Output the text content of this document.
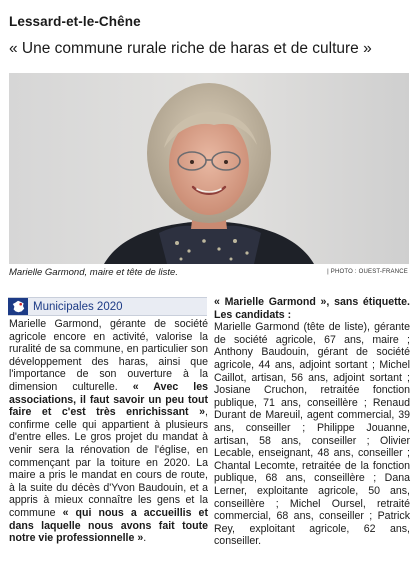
Lessard-et-le-Chêne
« Une commune rurale riche de haras et de culture »
Marielle Garmond, maire et tête de liste.	| PHOTO : OUEST-FRANCE
Municipales 2020

Marielle Garmond, gérante de société agricole encore en activité, valorise la ruralité de sa commune, en particulier son développement des haras, ainsi que l'importance de son ouverture à la dimension culturelle. « Avec les associations, il faut savoir un peu tout faire et c'est très enrichissant », confirme celle qui appartient à plusieurs d'entre elles. Le gros projet du mandat à venir sera la rénovation de l'église, en commençant par la toiture en 2020. La maire a pris le mandat en cours de route, à la suite du décès d'Yvon Baudouin, et a appris à mieux connaître les gens et la commune « qui nous a accueillis et dans laquelle nous avons fait toute notre vie professionnelle ».

« Marielle Garmond », sans étiquette. Les candidats :

Marielle Garmond (tête de liste), gérante de société agricole, 67 ans, maire ; Anthony Baudouin, gérant de société agricole, 44 ans, adjoint sortant ; Michel Caillot, artisan, 56 ans, adjoint sortant ; Josiane Cruchon, retraitée fonction publique, 71 ans, conseillère ; Renaud Durant de Mareuil, agent commercial, 39 ans, conseiller ; Philippe Jouanne, artisan, 58 ans, conseiller ; Olivier Lecable, enseignant, 48 ans, conseiller ; Chantal Lecomte, retraitée de la fonction publique, 68 ans, conseillère ; Dana Lerner, exploitante agricole, 50 ans, conseillère ; Michel Oursel, retraité commercial, 68 ans, conseiller ; Patrick Rey, exploitant agricole, 62 ans, conseiller.
